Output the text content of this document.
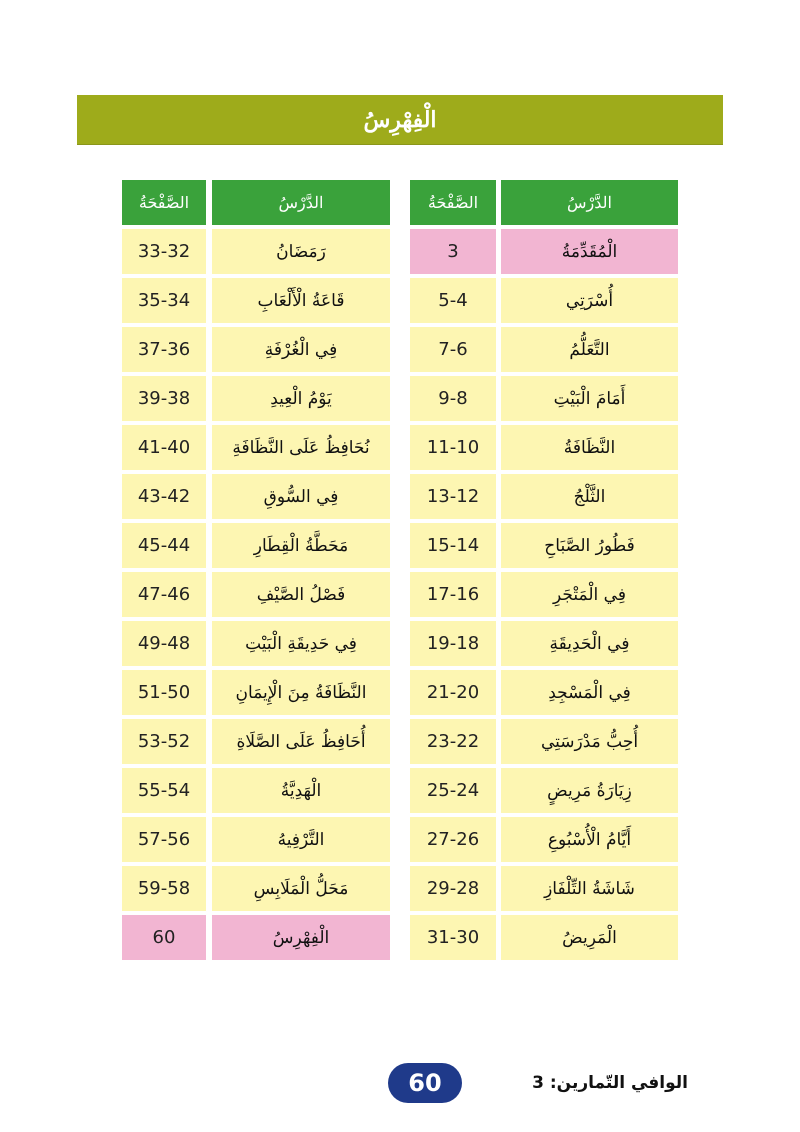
الْفِهْرِسُ
الصَّفْحَةُ	الدَّرْسُ
33-32	رَمَضَانُ
35-34	قَاعَةُ الْأَلْعَابِ
37-36	فِي الْغُرْفَةِ
39-38	يَوْمُ الْعِيدِ
41-40	نُحَافِظُ عَلَى النَّظَافَةِ
43-42	فِي السُّوقِ
45-44	مَحَطَّةُ الْقِطَارِ
47-46	فَصْلُ الصَّيْفِ
49-48	فِي حَدِيقَةِ الْبَيْتِ
51-50	النَّظَافَةُ مِنَ الْإِيمَانِ
53-52	أُحَافِظُ عَلَى الصَّلَاةِ
55-54	الْهَدِيَّةُ
57-56	التَّرْفِيهُ
59-58	مَحَلُّ الْمَلَابِسِ
60	الْفِهْرِسُ
الصَّفْحَةُ	الدَّرْسُ
3	الْمُقَدِّمَةُ
5-4	أُسْرَتِي
7-6	التَّعَلُّمُ
9-8	أَمَامَ الْبَيْتِ
11-10	النَّظَافَةُ
13-12	الثَّلْجُ
15-14	فَطُورُ الصَّبَاحِ
17-16	فِي الْمَتْجَرِ
19-18	فِي الْحَدِيقَةِ
21-20	فِي الْمَسْجِدِ
23-22	أُحِبُّ مَدْرَسَتِي
25-24	زِيَارَةُ مَرِيضٍ
27-26	أَيَّامُ الْأُسْبُوعِ
29-28	شَاشَةُ التِّلْفَازِ
31-30	الْمَرِيضُ
الوافي التّمارين: 3
60
